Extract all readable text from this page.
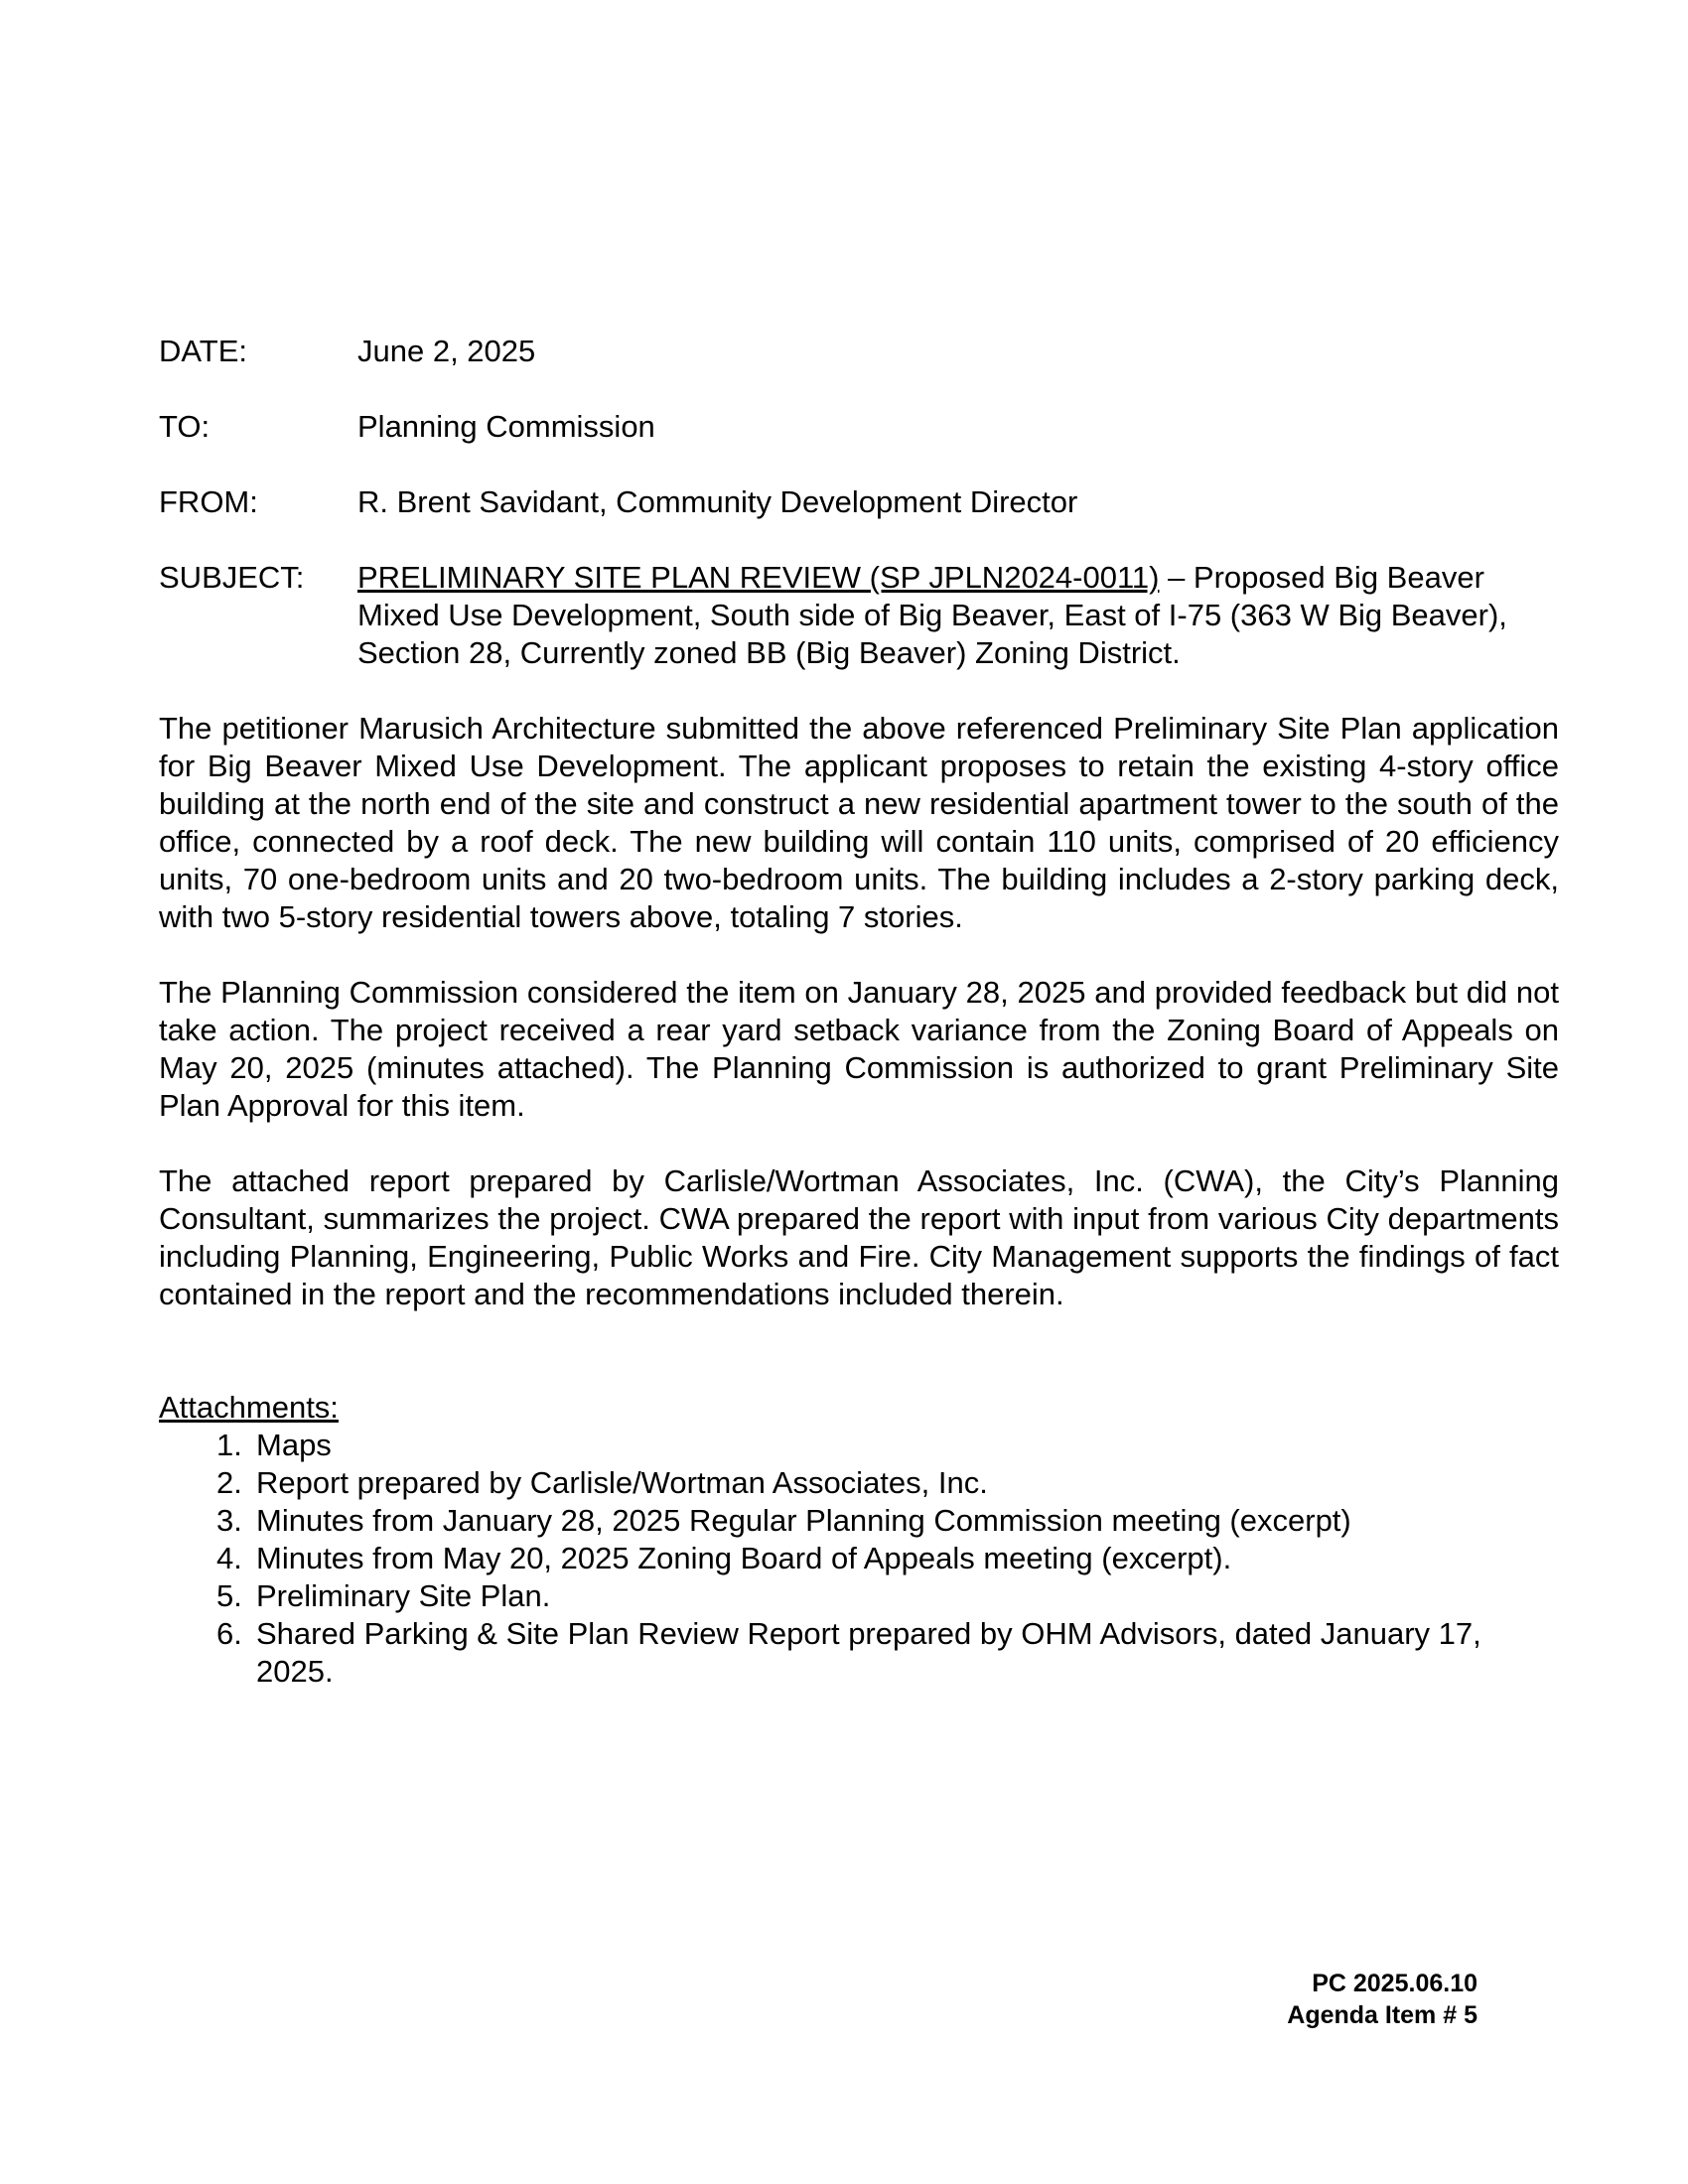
DATE:	June 2, 2025
TO:	Planning Commission
FROM:	R. Brent Savidant, Community Development Director
SUBJECT:	PRELIMINARY SITE PLAN REVIEW (SP JPLN2024-0011) – Proposed Big Beaver Mixed Use Development, South side of Big Beaver, East of I-75 (363 W Big Beaver), Section 28, Currently zoned BB (Big Beaver) Zoning District.

The petitioner Marusich Architecture submitted the above referenced Preliminary Site Plan application for Big Beaver Mixed Use Development. The applicant proposes to retain the existing 4-story office building at the north end of the site and construct a new residential apartment tower to the south of the office, connected by a roof deck. The new building will contain 110 units, comprised of 20 efficiency units, 70 one-bedroom units and 20 two-bedroom units. The building includes a 2-story parking deck, with two 5-story residential towers above, totaling 7 stories.

The Planning Commission considered the item on January 28, 2025 and provided feedback but did not take action. The project received a rear yard setback variance from the Zoning Board of Appeals on May 20, 2025 (minutes attached). The Planning Commission is authorized to grant Preliminary Site Plan Approval for this item.

The attached report prepared by Carlisle/Wortman Associates, Inc. (CWA), the City’s Planning Consultant, summarizes the project. CWA prepared the report with input from various City departments including Planning, Engineering, Public Works and Fire. City Management supports the findings of fact contained in the report and the recommendations included therein.

Attachments:
1. Maps
2. Report prepared by Carlisle/Wortman Associates, Inc.
3. Minutes from January 28, 2025 Regular Planning Commission meeting (excerpt)
4. Minutes from May 20, 2025 Zoning Board of Appeals meeting (excerpt).
5. Preliminary Site Plan.
6. Shared Parking & Site Plan Review Report prepared by OHM Advisors, dated January 17, 2025.
PC 2025.06.10
Agenda Item # 5
